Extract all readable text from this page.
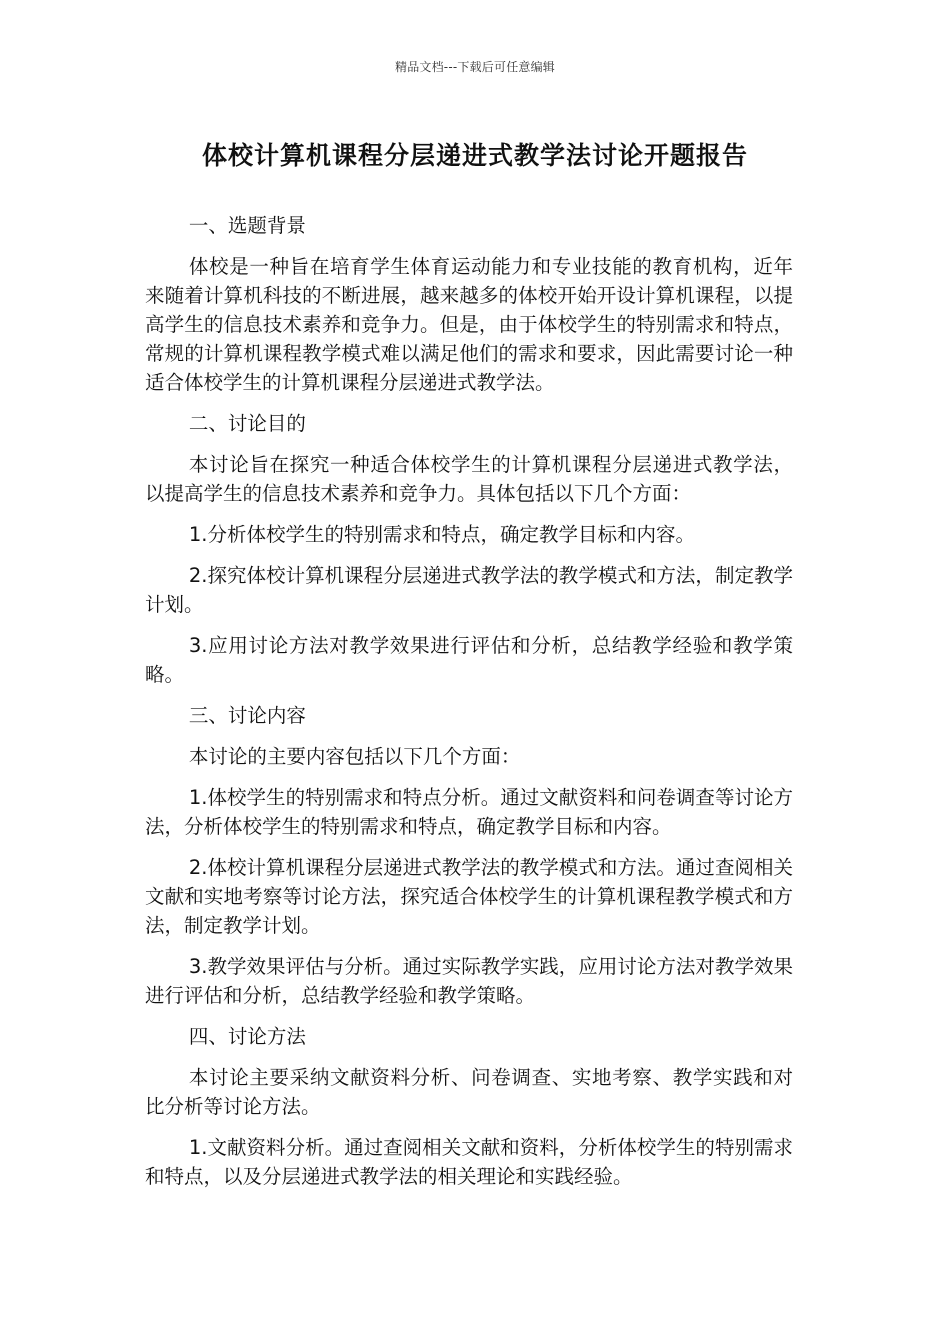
精品文档---下载后可任意编辑
体校计算机课程分层递进式教学法讨论开题报告

一、选题背景

体校是一种旨在培育学生体育运动能力和专业技能的教育机构，近年来随着计算机科技的不断进展，越来越多的体校开始开设计算机课程，以提高学生的信息技术素养和竞争力。但是，由于体校学生的特别需求和特点，常规的计算机课程教学模式难以满足他们的需求和要求，因此需要讨论一种适合体校学生的计算机课程分层递进式教学法。

二、讨论目的

本讨论旨在探究一种适合体校学生的计算机课程分层递进式教学法，以提高学生的信息技术素养和竞争力。具体包括以下几个方面：

1.分析体校学生的特别需求和特点，确定教学目标和内容。

2.探究体校计算机课程分层递进式教学法的教学模式和方法，制定教学计划。

3.应用讨论方法对教学效果进行评估和分析，总结教学经验和教学策略。

三、讨论内容

本讨论的主要内容包括以下几个方面：

1.体校学生的特别需求和特点分析。通过文献资料和问卷调查等讨论方法，分析体校学生的特别需求和特点，确定教学目标和内容。

2.体校计算机课程分层递进式教学法的教学模式和方法。通过查阅相关文献和实地考察等讨论方法，探究适合体校学生的计算机课程教学模式和方法，制定教学计划。

3.教学效果评估与分析。通过实际教学实践，应用讨论方法对教学效果进行评估和分析，总结教学经验和教学策略。

四、讨论方法

本讨论主要采纳文献资料分析、问卷调查、实地考察、教学实践和对比分析等讨论方法。

1.文献资料分析。通过查阅相关文献和资料，分析体校学生的特别需求和特点，以及分层递进式教学法的相关理论和实践经验。
